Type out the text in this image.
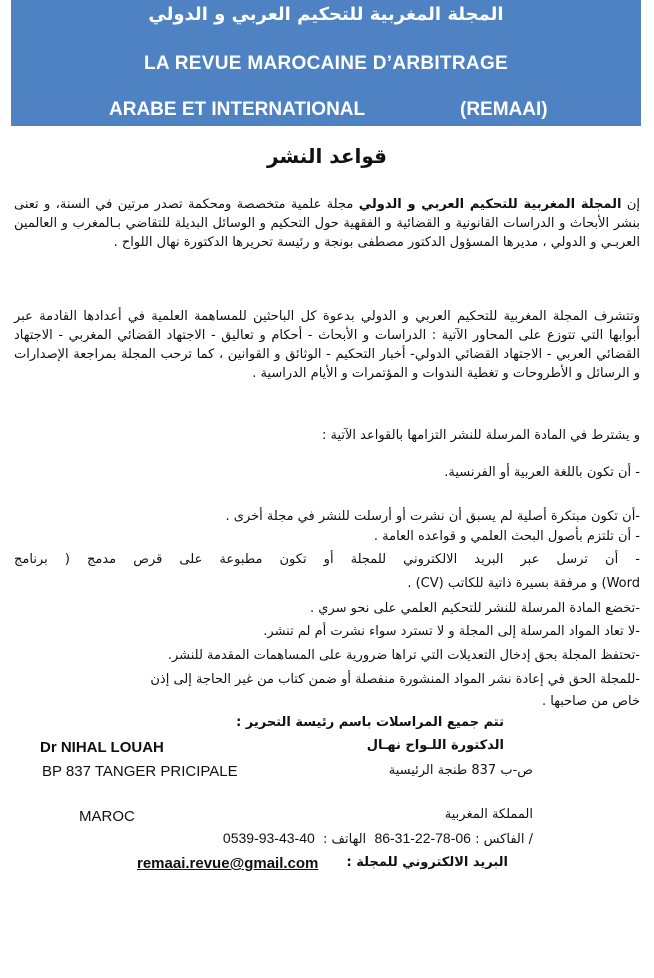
المجلة المغربية للتحكيم العربي و الدولي
LA REVUE MAROCAINE D’ARBITRAGE
ARABE ET INTERNATIONAL	(REMAAI)
قواعد النشر
إن المجلة المغربية للتحكيم العربي و الدولي مجلة علمية متخصصة ومحكمة تصدر مرتين في السنة، و تعنى بنشر الأبحاث و الدراسات القانونية و القضائية و الفقهية حول التحكيم و الوسائل البديلة للتقاضي بـالمغرب و العالمين العربـي و الدولي ، مديرها المسؤول الدكتور مصطفى بونجة و رئيسة تحريرها الدكتورة نهال اللواح .
وتتشرف المجلة المغربية للتحكيم العربي و الدولي بدعوة كل الباحثين للمساهمة العلمية في أعدادها القادمة عبر أبوابها التي تتوزع على المحاور الآتية : الدراسات و الأبحاث - أحكام و تعاليق - الاجتهاد القضائي المغربي - الاجتهاد القضائي العربي - الاجتهاد القضائي الدولي- أخبار التحكيم - الوثائق و القوانين ، كما ترحب المجلة بمراجعة الإصدارات و الرسائل و الأطروحات و تغطية الندوات و المؤتمرات و الأيام الدراسية .
و يشترط في المادة المرسلة للنشر التزامها بالقواعد الآتية :
- أن تكون باللغة العربية أو الفرنسية.
-أن تكون مبتكرة أصلية لم يسبق أن نشرت أو أرسلت للنشر في مجلة أخرى .
- أن تلتزم بأصول البحث العلمي و قواعده العامة .
- أن ترسل عبر البريد الالكتروني للمجلة أو تكون مطبوعة على قرص مدمج ( برنامج
Word) و مرفقة بسيرة ذاتية للكاتب (CV) .
-تخضع المادة المرسلة للنشر للتحكيم العلمي على نحو سري .
-لا تعاد المواد المرسلة إلى المجلة و لا تسترد سواء نشرت أم لم تنشر.
-تحتفظ المجلة بحق إدخال التعديلات التي تراها ضرورية على المساهمات المقدمة للنشر.
-للمجلة الحق في إعادة نشر المواد المنشورة منفصلة أو ضمن كتاب من غير الحاجة إلى إذن
خاص من صاحبها .
تتم جميع المراسلات باسم رئيسة التحرير :
الدكتورة اللـواح نهـال
Dr NIHAL LOUAH
BP 837 TANGER PRICIPALE	ص-ب 837 طنجة الرئيسية
MAROC	المملكة المغربية
0539-93-43-40	/ الفاكس : 86-31-22-78-06  الهاتف :
البريد الالكتروني للمجلة :
remaai.revue@gmail.com
